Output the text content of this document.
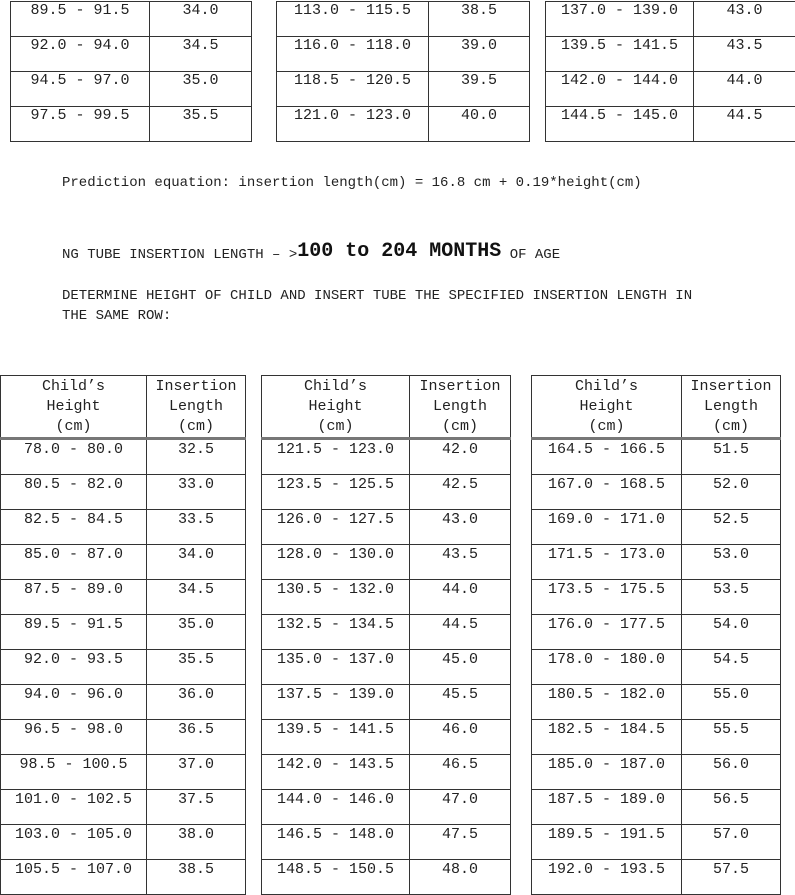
89.5 - 91.5	34.0
92.0 - 94.0	34.5
94.5 - 97.0	35.0
97.5 - 99.5	35.5
113.0 - 115.5	38.5
116.0 - 118.0	39.0
118.5 - 120.5	39.5
121.0 - 123.0	40.0
137.0 - 139.0	43.0
139.5 - 141.5	43.5
142.0 - 144.0	44.0
144.5 - 145.0	44.5
Prediction equation: insertion length(cm) = 16.8 cm + 0.19*height(cm)
NG TUBE INSERTION LENGTH – >100 to 204 MONTHS OF AGE
DETERMINE HEIGHT OF CHILD AND INSERT TUBE THE SPECIFIED INSERTION LENGTH IN THE SAME ROW:
Child’s
Height
(cm)	Insertion
Length
(cm)
78.0 - 80.0	32.5
80.5 - 82.0	33.0
82.5 - 84.5	33.5
85.0 - 87.0	34.0
87.5 - 89.0	34.5
89.5 - 91.5	35.0
92.0 - 93.5	35.5
94.0 - 96.0	36.0
96.5 - 98.0	36.5
98.5 - 100.5	37.0
101.0 - 102.5	37.5
103.0 - 105.0	38.0
105.5 - 107.0	38.5
Child’s
Height
(cm)	Insertion
Length
(cm)
121.5 - 123.0	42.0
123.5 - 125.5	42.5
126.0 - 127.5	43.0
128.0 - 130.0	43.5
130.5 - 132.0	44.0
132.5 - 134.5	44.5
135.0 - 137.0	45.0
137.5 - 139.0	45.5
139.5 - 141.5	46.0
142.0 - 143.5	46.5
144.0 - 146.0	47.0
146.5 - 148.0	47.5
148.5 - 150.5	48.0
Child’s
Height
(cm)	Insertion
Length
(cm)
164.5 - 166.5	51.5
167.0 - 168.5	52.0
169.0 - 171.0	52.5
171.5 - 173.0	53.0
173.5 - 175.5	53.5
176.0 - 177.5	54.0
178.0 - 180.0	54.5
180.5 - 182.0	55.0
182.5 - 184.5	55.5
185.0 - 187.0	56.0
187.5 - 189.0	56.5
189.5 - 191.5	57.0
192.0 - 193.5	57.5
